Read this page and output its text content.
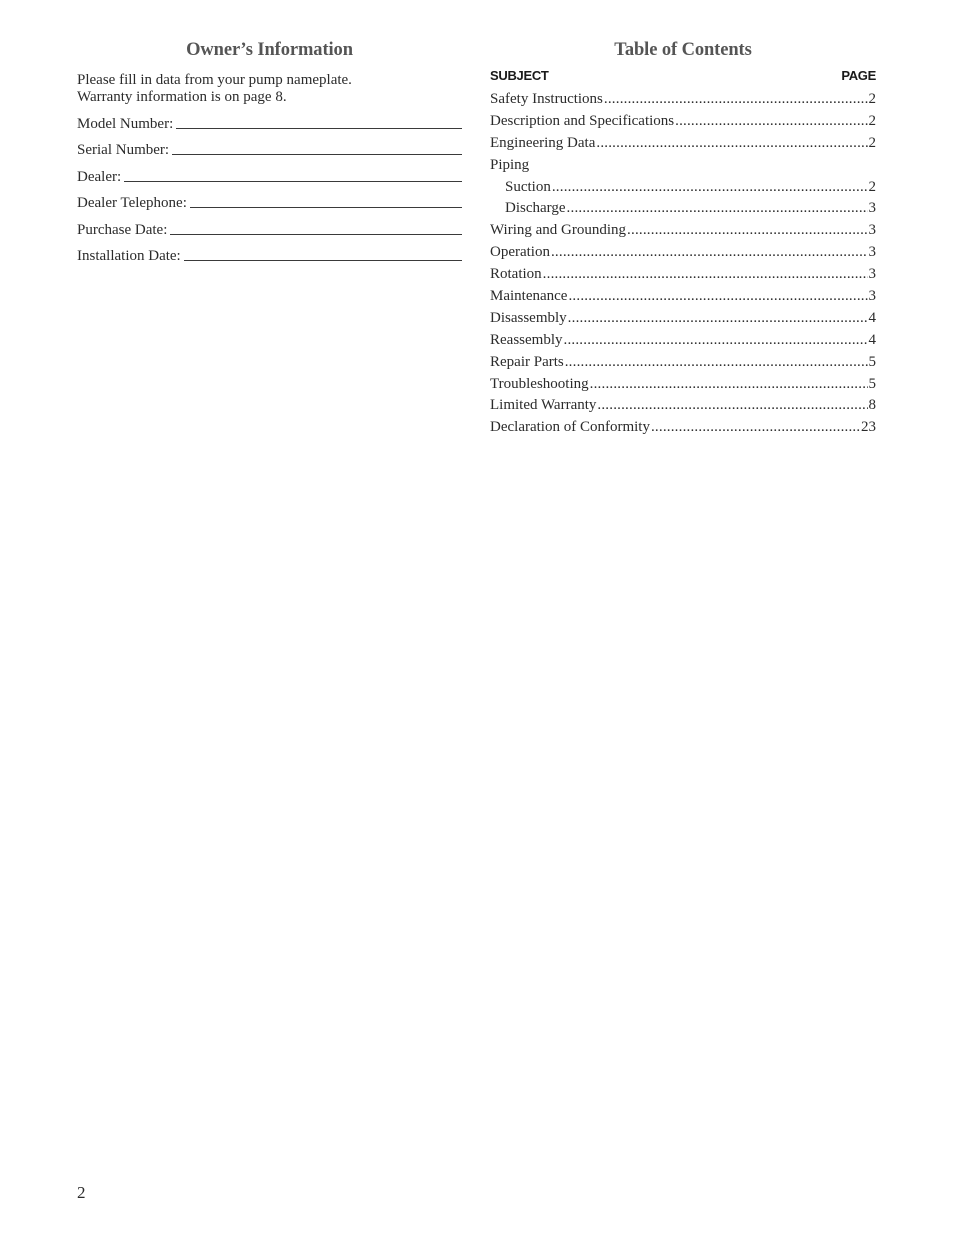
Owner’s Information
Please fill in data from your pump nameplate.
Warranty information is on page 8.
Model Number:
Serial Number:
Dealer:
Dealer Telephone:
Purchase Date:
Installation Date:
Table of Contents
SUBJECT	PAGE
Safety Instructions .....	2
Description and Specifications .....	2
Engineering Data .....	2
Piping
Suction .....	2
Discharge .....	3
Wiring and Grounding .....	3
Operation .....	3
Rotation .....	3
Maintenance .....	3
Disassembly .....	4
Reassembly .....	4
Repair Parts .....	5
Troubleshooting .....	5
Limited Warranty .....	8
Declaration of Conformity .....	23
2
